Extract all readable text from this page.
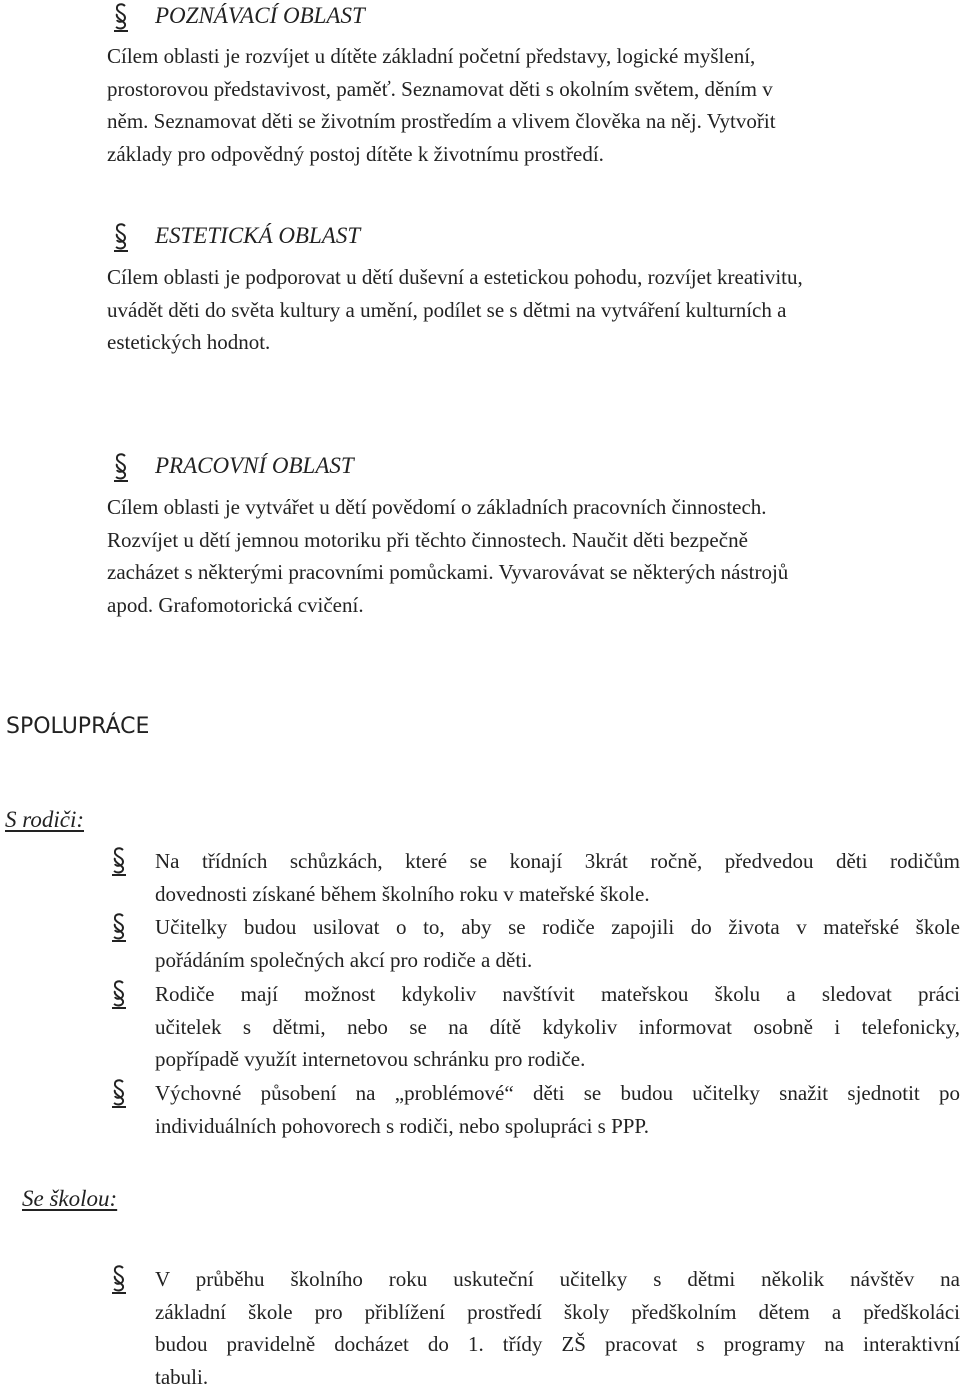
POZNÁVACÍ OBLAST
Cílem oblasti je rozvíjet u dítěte základní početní představy, logické myšlení,
prostorovou představivost, paměť. Seznamovat děti s okolním světem, děním v
něm. Seznamovat děti se životním prostředím a vlivem člověka na něj. Vytvořit
základy pro odpovědný postoj dítěte k životnímu prostředí.
ESTETICKÁ OBLAST
Cílem oblasti je podporovat u dětí duševní a estetickou pohodu, rozvíjet kreativitu,
uvádět děti do světa kultury a umění, podílet se s dětmi na vytváření kulturních a
estetických hodnot.
PRACOVNÍ OBLAST
Cílem oblasti je vytvářet u dětí povědomí o základních pracovních činnostech.
Rozvíjet u dětí jemnou motoriku při těchto činnostech. Naučit děti bezpečně
zacházet s některými pracovními pomůckami. Vyvarovávat se některých nástrojů
apod. Grafomotorická cvičení.
SPOLUPRÁCE
S rodiči:
Na třídních schůzkách, které se konají 3krát ročně, předvedou děti rodičům
dovednosti získané během školního roku v mateřské škole.
Učitelky budou usilovat o to, aby se rodiče zapojili do života v mateřské škole
pořádáním společných akcí pro rodiče a děti.
Rodiče mají možnost kdykoliv navštívit mateřskou školu a sledovat práci
učitelek s dětmi, nebo se na dítě kdykoliv informovat osobně i telefonicky,
popřípadě využít internetovou schránku pro rodiče.
Výchovné působení na „problémové“ děti se budou učitelky snažit sjednotit po
individuálních pohovorech s rodiči, nebo spolupráci s PPP.
Se školou:
V průběhu školního roku uskuteční učitelky s dětmi několik návštěv na
základní škole pro přiblížení prostředí školy předškolním dětem a předškoláci
budou pravidelně docházet do 1. třídy ZŠ pracovat s programy na interaktivní
tabuli.
